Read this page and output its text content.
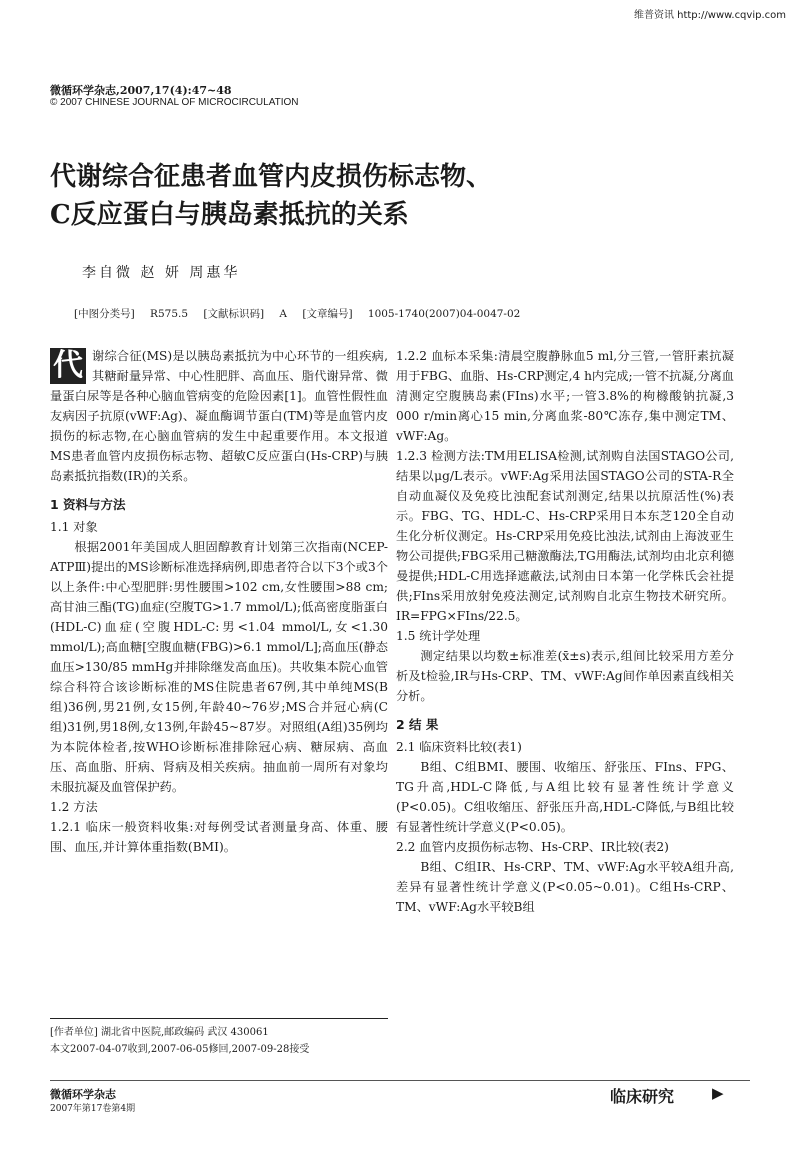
维普资讯 http://www.cqvip.com
微循环学杂志,2007,17(4):47~48
© 2007 CHINESE JOURNAL OF MICROCIRCULATION
代谢综合征患者血管内皮损伤标志物、
C反应蛋白与胰岛素抵抗的关系
李自微 赵 妍 周惠华
[中图分类号] R575.5 [文献标识码] A [文章编号] 1005-1740(2007)04-0047-02

代 谢综合征(MS)是以胰岛素抵抗为中心环节的一组疾病,其糖耐量异常、中心性肥胖、高血压、脂代谢异常、微量蛋白尿等是各种心脑血管病变的危险因素[1]。血管性假性血友病因子抗原(vWF:Ag)、凝血酶调节蛋白(TM)等是血管内皮损伤的标志物,在心脑血管病的发生中起重要作用。本文报道MS患者血管内皮损伤标志物、超敏C反应蛋白(Hs-CRP)与胰岛素抵抗指数(IR)的关系。

1 资料与方法
1.1 对象

根据2001年美国成人胆固醇教育计划第三次指南(NCEP-ATPⅢ)提出的MS诊断标准选择病例,即患者符合以下3个或3个以上条件:中心型肥胖:男性腰围>102 cm,女性腰围>88 cm;高甘油三酯(TG)血症(空腹TG>1.7 mmol/L);低高密度脂蛋白(HDL-C)血症(空腹HDL-C:男<1.04 mmol/L,女<1.30 mmol/L);高血糖[空腹血糖(FBG)>6.1 mmol/L];高血压(静态血压>130/85 mmHg并排除继发高血压)。共收集本院心血管综合科符合该诊断标准的MS住院患者67例,其中单纯MS(B组)36例,男21例,女15例,年龄40~76岁;MS合并冠心病(C组)31例,男18例,女13例,年龄45~87岁。对照组(A组)35例均为本院体检者,按WHO诊断标准排除冠心病、糖尿病、高血压、高血脂、肝病、肾病及相关疾病。抽血前一周所有对象均未服抗凝及血管保护药。

1.2 方法

1.2.1 临床一般资料收集:对每例受试者测量身高、体重、腰围、血压,并计算体重指数(BMI)。

[作者单位] 湖北省中医院,邮政编码 武汉 430061
本文2007-04-07收到,2007-06-05修回,2007-09-28接受

1.2.2 血标本采集:清晨空腹静脉血5 ml,分三管,一管肝素抗凝用于FBG、血脂、Hs-CRP测定,4 h内完成;一管不抗凝,分离血清测定空腹胰岛素(FIns)水平;一管3.8%的枸橼酸钠抗凝,3 000 r/min离心15 min,分离血浆-80℃冻存,集中测定TM、vWF:Ag。

1.2.3 检测方法:TM用ELISA检测,试剂购自法国STAGO公司,结果以μg/L表示。vWF:Ag采用法国STAGO公司的STA-R全自动血凝仪及免疫比浊配套试剂测定,结果以抗原活性(%)表示。FBG、TG、HDL-C、Hs-CRP采用日本东芝120全自动生化分析仪测定。Hs-CRP采用免疫比浊法,试剂由上海波亚生物公司提供;FBG采用己糖激酶法,TG用酶法,试剂均由北京利德曼提供;HDL-C用选择遮蔽法,试剂由日本第一化学株氏会社提供;FIns采用放射免疫法测定,试剂购自北京生物技术研究所。IR=FPG×FIns/22.5。

1.5 统计学处理

测定结果以均数±标准差(x̄±s)表示,组间比较采用方差分析及t检验,IR与Hs-CRP、TM、vWF:Ag间作单因素直线相关分析。

2 结 果
2.1 临床资料比较(表1)

B组、C组BMI、腰围、收缩压、舒张压、FIns、FPG、TG升高,HDL-C降低,与A组比较有显著性统计学意义(P<0.05)。C组收缩压、舒张压升高,HDL-C降低,与B组比较有显著性统计学意义(P<0.05)。

2.2 血管内皮损伤标志物、Hs-CRP、IR比较(表2)

B组、C组IR、Hs-CRP、TM、vWF:Ag水平较A组升高,差异有显著性统计学意义(P<0.05~0.01)。C组Hs-CRP、TM、vWF:Ag水平较B组

微循环学杂志
2007年第17卷第4期
临床研究	▶
